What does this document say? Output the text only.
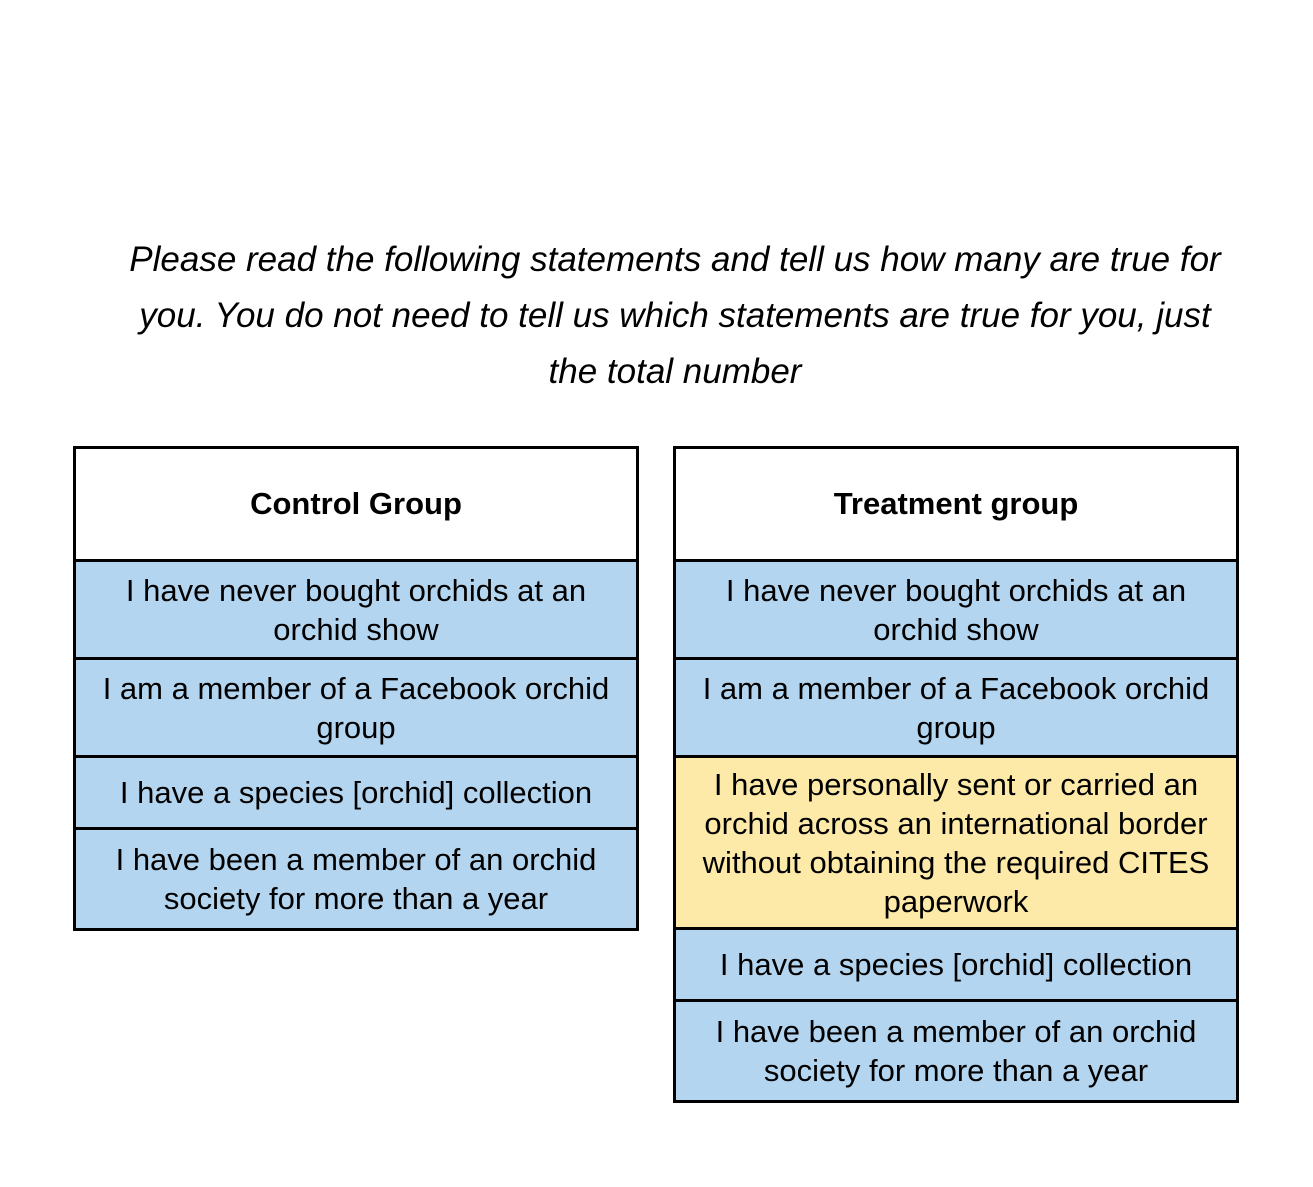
Please read the following statements and tell us how many are true for you. You do not need to tell us which statements are true for you, just the total number
Control Group
I have never bought orchids at an orchid show
I am a member of a Facebook orchid group
I have a species [orchid] collection
I have been a member of an orchid society for more than a year
Treatment group
I have never bought orchids at an orchid show
I am a member of a Facebook orchid group
I have personally sent or carried an orchid across an international border without obtaining the required CITES paperwork
I have a species [orchid] collection
I have been a member of an orchid society for more than a year
